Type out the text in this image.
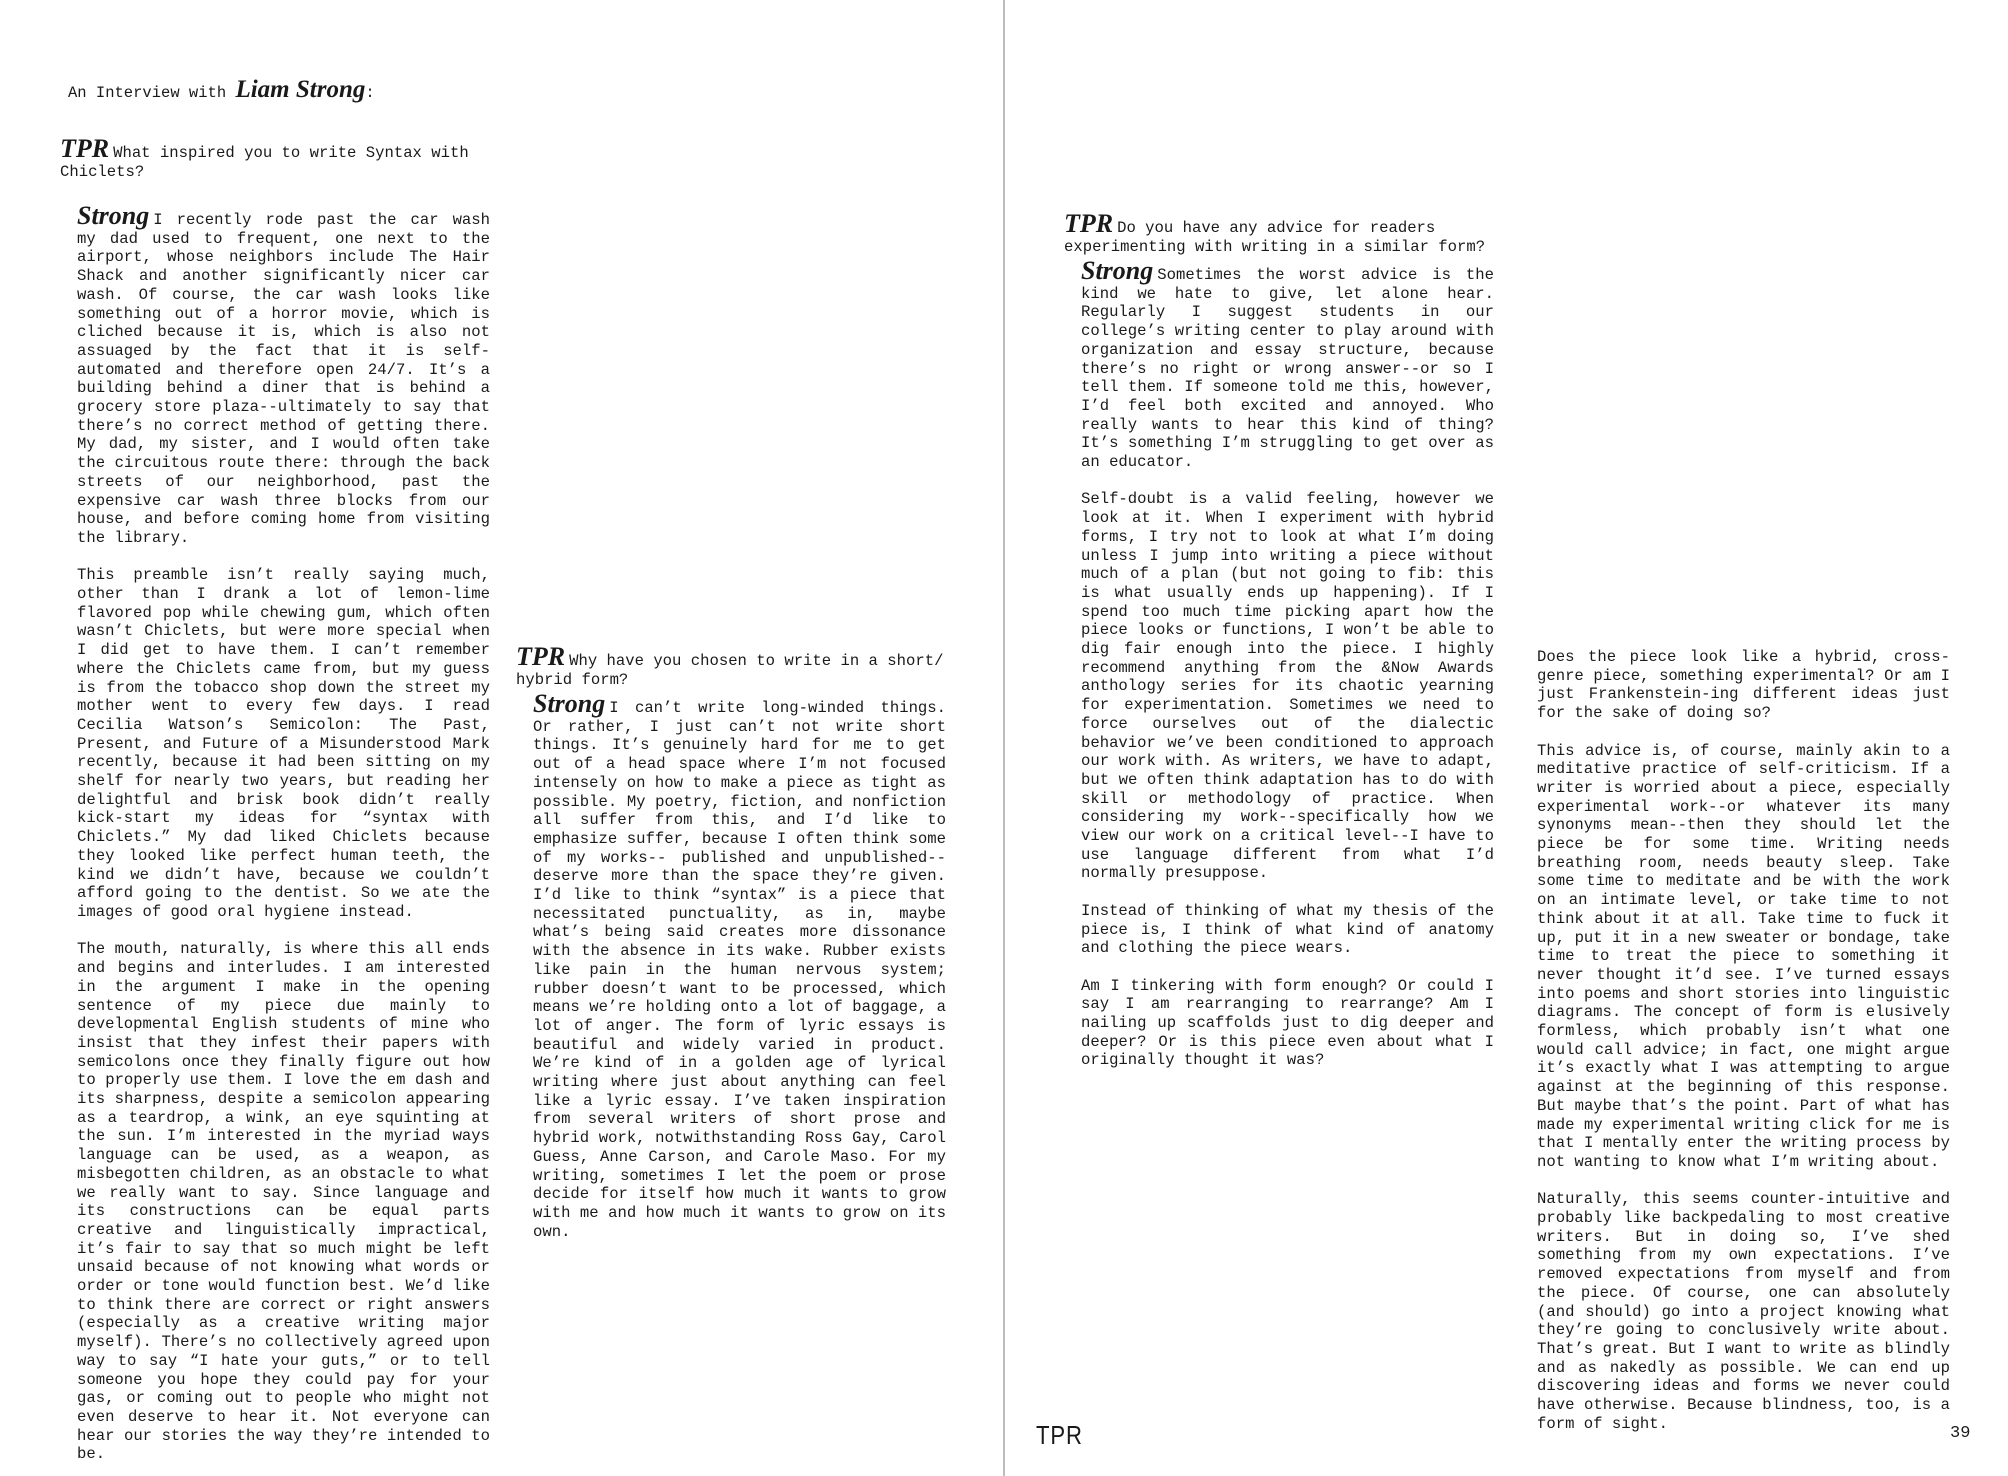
An Interview with Liam Strong:
TPR What inspired you to write Syntax with Chiclets?

Strong I recently rode past the car wash my dad used to frequent, one next to the airport, whose neighbors include The Hair Shack and another significantly nicer car wash. Of course, the car wash looks like something out of a horror movie, which is cliched because it is, which is also not assuaged by the fact that it is self-automated and therefore open 24/7. It’s a building behind a diner that is behind a grocery store plaza--ultimately to say that there’s no correct method of getting there. My dad, my sister, and I would often take the circuitous route there: through the back streets of our neighborhood, past the expensive car wash three blocks from our house, and before coming home from visiting the library.

This preamble isn’t really saying much, other than I drank a lot of lemon-lime flavored pop while chewing gum, which often wasn’t Chiclets, but were more special when I did get to have them. I can’t remember where the Chiclets came from, but my guess is from the tobacco shop down the street my mother went to every few days. I read Cecilia Watson’s Semicolon: The Past, Present, and Future of a Misunderstood Mark recently, because it had been sitting on my shelf for nearly two years, but reading her delightful and brisk book didn’t really kick-start my ideas for “syntax with Chiclets.” My dad liked Chiclets because they looked like perfect human teeth, the kind we didn’t have, because we couldn’t afford going to the dentist. So we ate the images of good oral hygiene instead.

The mouth, naturally, is where this all ends and begins and interludes. I am interested in the argument I make in the opening sentence of my piece due mainly to developmental English students of mine who insist that they infest their papers with semicolons once they finally figure out how to properly use them. I love the em dash and its sharpness, despite a semicolon appearing as a teardrop, a wink, an eye squinting at the sun. I’m interested in the myriad ways language can be used, as a weapon, as misbegotten children, as an obstacle to what we really want to say. Since language and its constructions can be equal parts creative and linguistically impractical, it’s fair to say that so much might be left unsaid because of not knowing what words or order or tone would function best. We’d like to think there are correct or right answers (especially as a creative writing major myself). There’s no collectively agreed upon way to say “I hate your guts,” or to tell someone you hope they could pay for your gas, or coming out to people who might not even deserve to hear it. Not everyone can hear our stories the way they’re intended to be.

TPR Why have you chosen to write in a short/ hybrid form?

Strong I can’t write long-winded things. Or rather, I just can’t not write short things. It’s genuinely hard for me to get out of a head space where I’m not focused intensely on how to make a piece as tight as possible. My poetry, fiction, and nonfiction all suffer from this, and I’d like to emphasize suffer, because I often think some of my works-- published and unpublished--deserve more than the space they’re given. I’d like to think “syntax” is a piece that necessitated punctuality, as in, maybe what’s being said creates more dissonance with the absence in its wake. Rubber exists like pain in the human nervous system; rubber doesn’t want to be processed, which means we’re holding onto a lot of baggage, a lot of anger. The form of lyric essays is beautiful and widely varied in product. We’re kind of in a golden age of lyrical writing where just about anything can feel like a lyric essay. I’ve taken inspiration from several writers of short prose and hybrid work, notwithstanding Ross Gay, Carol Guess, Anne Carson, and Carole Maso. For my writing, sometimes I let the poem or prose decide for itself how much it wants to grow with me and how much it wants to grow on its own.

TPR Do you have any advice for readers experimenting with writing in a similar form?

Strong Sometimes the worst advice is the kind we hate to give, let alone hear. Regularly I suggest students in our college’s writing center to play around with organization and essay structure, because there’s no right or wrong answer--or so I tell them. If someone told me this, however, I’d feel both excited and annoyed. Who really wants to hear this kind of thing? It’s something I’m struggling to get over as an educator.

Self-doubt is a valid feeling, however we look at it. When I experiment with hybrid forms, I try not to look at what I’m doing unless I jump into writing a piece without much of a plan (but not going to fib: this is what usually ends up happening). If I spend too much time picking apart how the piece looks or functions, I won’t be able to dig fair enough into the piece. I highly recommend anything from the &Now Awards anthology series for its chaotic yearning for experimentation. Sometimes we need to force ourselves out of the dialectic behavior we’ve been conditioned to approach our work with. As writers, we have to adapt, but we often think adaptation has to do with skill or methodology of practice. When considering my work--specifically how we view our work on a critical level--I have to use language different from what I’d normally presuppose.

Instead of thinking of what my thesis of the piece is, I think of what kind of anatomy and clothing the piece wears.

Am I tinkering with form enough? Or could I say I am rearranging to rearrange? Am I nailing up scaffolds just to dig deeper and deeper? Or is this piece even about what I originally thought it was?

Does the piece look like a hybrid, cross-genre piece, something experimental? Or am I just Frankenstein-ing different ideas just for the sake of doing so?

This advice is, of course, mainly akin to a meditative practice of self-criticism. If a writer is worried about a piece, especially experimental work--or whatever its many synonyms mean--then they should let the piece be for some time. Writing needs breathing room, needs beauty sleep. Take some time to meditate and be with the work on an intimate level, or take time to not think about it at all. Take time to fuck it up, put it in a new sweater or bondage, take time to treat the piece to something it never thought it’d see. I’ve turned essays into poems and short stories into linguistic diagrams. The concept of form is elusively formless, which probably isn’t what one would call advice; in fact, one might argue it’s exactly what I was attempting to argue against at the beginning of this response. But maybe that’s the point. Part of what has made my experimental writing click for me is that I mentally enter the writing process by not wanting to know what I’m writing about.

Naturally, this seems counter-intuitive and probably like backpedaling to most creative writers. But in doing so, I’ve shed something from my own expectations. I’ve removed expectations from myself and from the piece. Of course, one can absolutely (and should) go into a project knowing what they’re going to conclusively write about. That’s great. But I want to write as blindly and as nakedly as possible. We can end up discovering ideas and forms we never could have otherwise. Because blindness, too, is a form of sight.

TPR	39
